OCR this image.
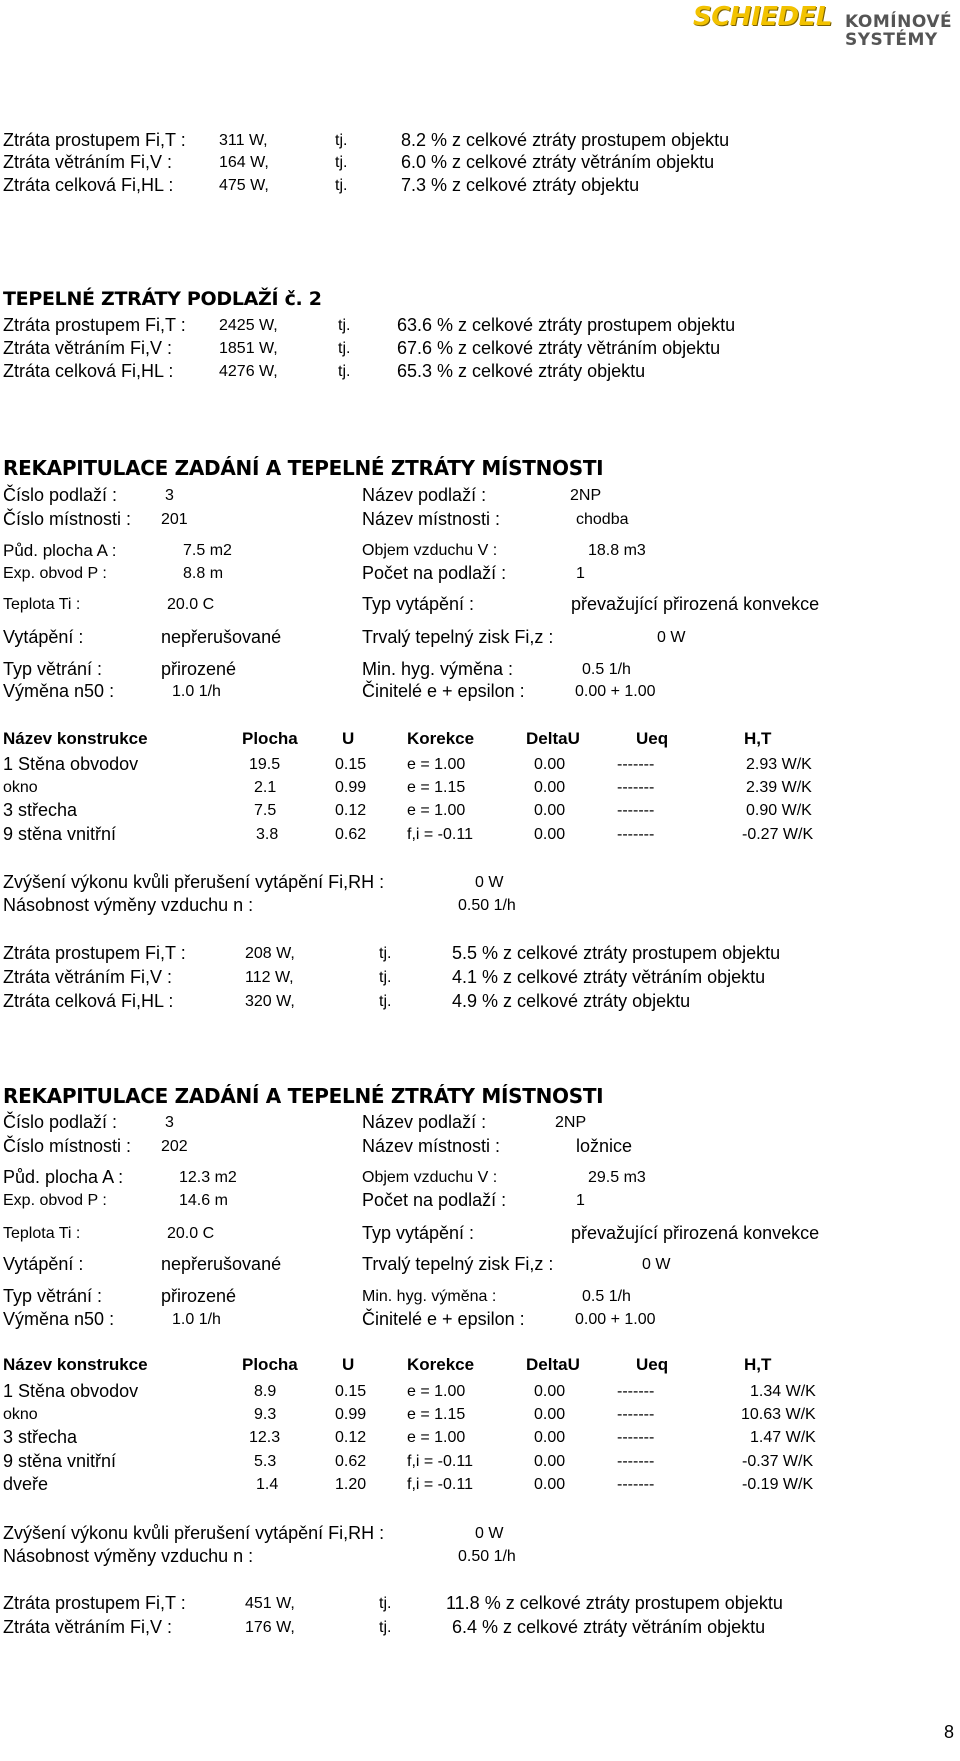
SCHIEDEL KOMÍNOVÉ
SYSTÉMY
Ztráta prostupem Fi,T : 311 W,	tj.	8.2 % z celkové ztráty prostupem objektu
Ztráta větráním Fi,V :	164 W,	tj.	6.0 % z celkové ztráty větráním objektu
Ztráta celková Fi,HL :	475 W,	tj.	7.3 % z celkové ztráty objektu
TEPELNÉ ZTRÁTY PODLAŽÍ č. 2
Ztráta prostupem Fi,T : 2425 W,	tj.	63.6 % z celkové ztráty prostupem objektu
Ztráta větráním Fi,V :	1851 W,	tj.	67.6 % z celkové ztráty větráním objektu
Ztráta celková Fi,HL :	4276 W,	tj.	65.3 % z celkové ztráty objektu
REKAPITULACE ZADÁNÍ A TEPELNÉ ZTRÁTY MÍSTNOSTI
Číslo podlaží :	3	Název podlaží :	2NP
Číslo místnosti : 201	Název místnosti :	chodba
Půd. plocha A :	7.5 m2	Objem vzduchu V :	18.8 m3
Exp. obvod P :	8.8 m	Počet na podlaží :	1
Teplota Ti :	20.0 C	Typ vytápění :	převažující přirozená konvekce
Vytápění :	nepřerušované	Trvalý tepelný zisk Fi,z :	0 W
Typ větrání :	přirozené	Min. hyg. výměna :	0.5 1/h
Výměna n50 :	1.0 1/h	Činitelé e + epsilon :	0.00 + 1.00
Název konstrukce	Plocha	U	Korekce	DeltaU	Ueq	H,T
1 Stěna obvodov	19.5	0.15	e = 1.00	0.00	-------	2.93 W/K
okno	2.1	0.99	e = 1.15	0.00	-------	2.39 W/K
3 střecha	7.5	0.12	e = 1.00	0.00	-------	0.90 W/K
9 stěna vnitřní	3.8	0.62	f,i = -0.11	0.00	-------	-0.27 W/K
Zvýšení výkonu kvůli přerušení vytápění Fi,RH :	0 W
Násobnost výměny vzduchu n :	0.50 1/h
Ztráta prostupem Fi,T :	208 W,	tj.	5.5 % z celkové ztráty prostupem objektu
Ztráta větráním Fi,V :	112 W,	tj.	4.1 % z celkové ztráty větráním objektu
Ztráta celková Fi,HL :	320 W,	tj.	4.9 % z celkové ztráty objektu
REKAPITULACE ZADÁNÍ A TEPELNÉ ZTRÁTY MÍSTNOSTI
Číslo podlaží :	3	Název podlaží :	2NP
Číslo místnosti : 202	Název místnosti :	ložnice
Půd. plocha A :	12.3 m2	Objem vzduchu V :	29.5 m3
Exp. obvod P :	14.6 m	Počet na podlaží :	1
Teplota Ti :	20.0 C	Typ vytápění :	převažující přirozená konvekce
Vytápění :	nepřerušované	Trvalý tepelný zisk Fi,z :	0 W
Typ větrání :	přirozené	Min. hyg. výměna :	0.5 1/h
Výměna n50 :	1.0 1/h	Činitelé e + epsilon :	0.00 + 1.00
Název konstrukce	Plocha	U	Korekce	DeltaU	Ueq	H,T
1 Stěna obvodov	8.9	0.15	e = 1.00	0.00	-------	1.34 W/K
okno	9.3	0.99	e = 1.15	0.00	-------	10.63 W/K
3 střecha	12.3	0.12	e = 1.00	0.00	-------	1.47 W/K
9 stěna vnitřní	5.3	0.62	f,i = -0.11	0.00	-------	-0.37 W/K
dveře	1.4	1.20	f,i = -0.11	0.00	-------	-0.19 W/K
Zvýšení výkonu kvůli přerušení vytápění Fi,RH :	0 W
Násobnost výměny vzduchu n :	0.50 1/h
Ztráta prostupem Fi,T :	451 W,	tj.	11.8 % z celkové ztráty prostupem objektu
Ztráta větráním Fi,V :	176 W,	tj.	6.4 % z celkové ztráty větráním objektu
8
